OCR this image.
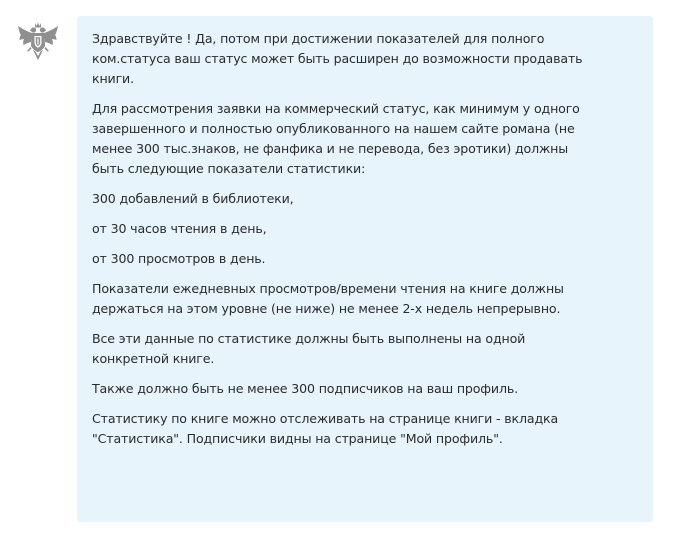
Здравствуйте ! Да, потом при достижении показателей для полного
ком.статуса ваш статус может быть расширен до возможности продавать
книги.

Для рассмотрения заявки на коммерческий статус, как минимум у одного
завершенного и полностью опубликованного на нашем сайте романа (не
менее 300 тыс.знаков, не фанфика и не перевода, без эротики) должны
быть следующие показатели статистики:

300 добавлений в библиотеки,

от 30 часов чтения в день,

от 300 просмотров в день.

Показатели ежедневных просмотров/времени чтения на книге должны
держаться на этом уровне (не ниже) не менее 2-х недель непрерывно.

Все эти данные по статистике должны быть выполнены на одной
конкретной книге.

Также должно быть не менее 300 подписчиков на ваш профиль.

Статистику по книге можно отслеживать на странице книги - вкладка
"Статистика". Подписчики видны на странице "Мой профиль".
